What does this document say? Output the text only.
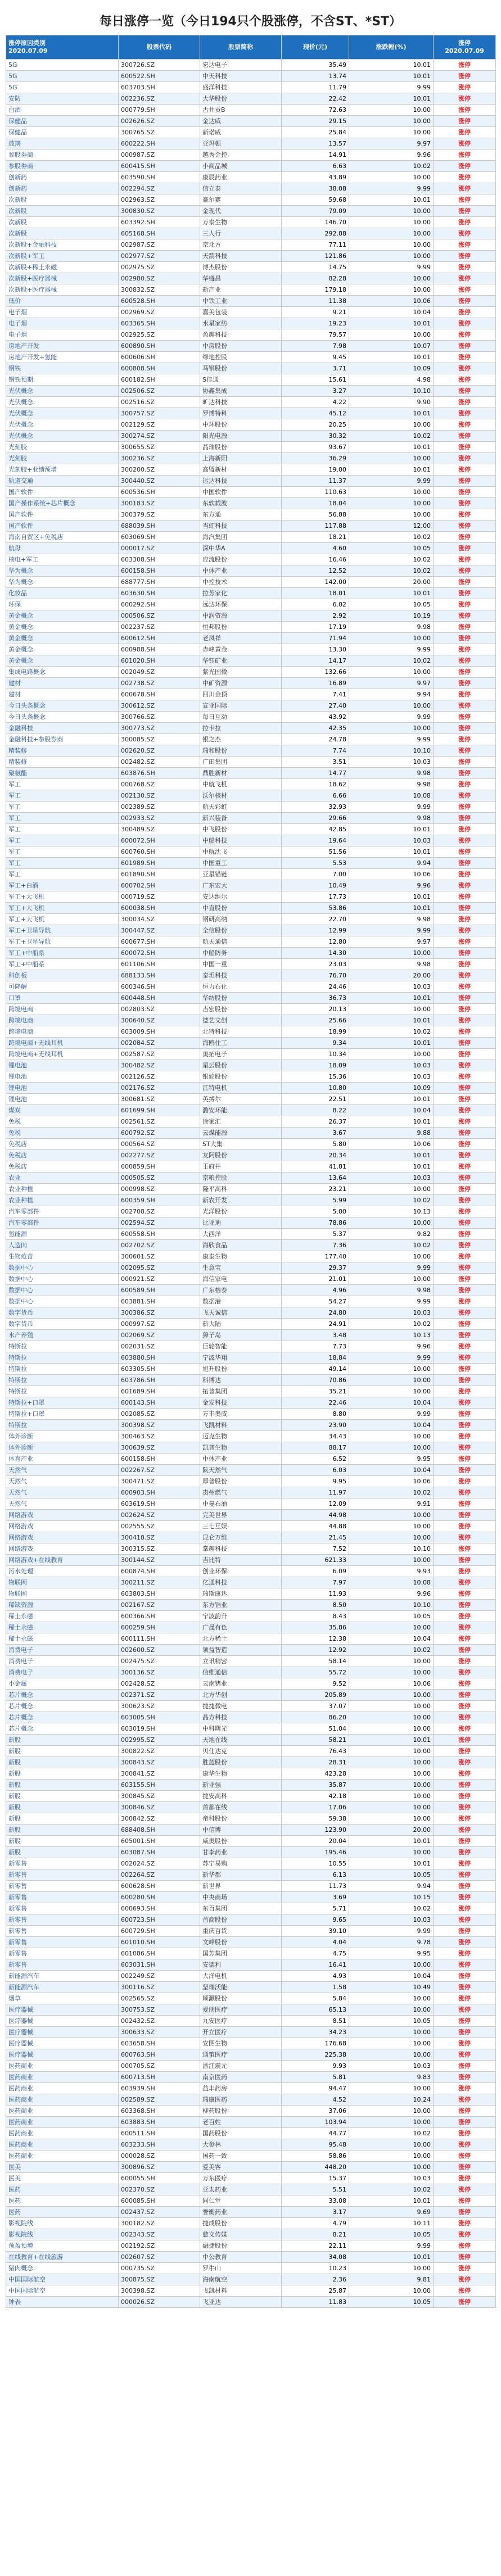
每日涨停一览（今日194只个股涨停，不含ST、*ST）
涨停原因类别
2020.07.09	股票代码	股票简称	现价(元)	涨跌幅(%)	涨停
2020.07.09
5G	300726.SZ	宏达电子	35.49	10.01	涨停
5G	600522.SH	中天科技	13.74	10.01	涨停
5G	603703.SH	盛洋科技	11.79	9.99	涨停
安防	002236.SZ	大华股份	22.42	10.01	涨停
白酒	000779.SH	古井贡B	72.63	10.00	涨停
保健品	002626.SZ	金达威	29.15	10.00	涨停
保健品	300765.SZ	新诺威	25.84	10.00	涨停
玻璃	600222.SH	亚玛顿	13.57	9.97	涨停
参股券商	000987.SZ	越秀金控	14.91	9.96	涨停
参股券商	600415.SH	小商品城	6.63	10.02	涨停
创新药	603590.SH	康辰药业	43.89	10.00	涨停
创新药	002294.SZ	信立泰	38.08	9.99	涨停
次新股	002963.SZ	豪尔赛	59.68	10.01	涨停
次新股	300830.SZ	金现代	79.09	10.00	涨停
次新股	603392.SH	万泰生物	146.70	10.00	涨停
次新股	605168.SH	三人行	292.88	10.00	涨停
次新股+金融科技	002987.SZ	京北方	77.11	10.00	涨停
次新股+军工	002977.SZ	天箭科技	121.86	10.00	涨停
次新股+稀土永磁	002975.SZ	博杰股份	14.75	9.99	涨停
次新股+医疗器械	002980.SZ	华盛昌	82.28	10.00	涨停
次新股+医疗器械	300832.SZ	新产业	179.18	10.00	涨停
低价	600528.SH	中铁工业	11.38	10.06	涨停
电子烟	002969.SZ	嘉美包装	9.21	10.04	涨停
电子烟	603365.SH	水星家纺	19.23	10.01	涨停
电子烟	002925.SZ	盈趣科技	79.57	10.00	涨停
房地产开发	600890.SH	中房股份	7.98	10.07	涨停
房地产开发+氢能	600606.SH	绿地控股	9.45	10.01	涨停
钢铁	600808.SH	马钢股份	3.71	10.09	涨停
钢铁预期	600182.SH	S佳通	15.61	4.98	涨停
光伏概念	002506.SZ	协鑫集成	3.27	10.10	涨停
光伏概念	002516.SZ	旷达科技	4.22	9.90	涨停
光伏概念	300757.SZ	罗博特科	45.12	10.01	涨停
光伏概念	002129.SZ	中环股份	20.25	10.00	涨停
光伏概念	300274.SZ	阳光电源	30.32	10.02	涨停
光刻胶	300655.SZ	晶瑞股份	93.67	10.01	涨停
光刻胶	300236.SZ	上海新阳	36.29	10.00	涨停
光刻胶+业绩预增	300200.SZ	高盟新材	19.00	10.01	涨停
轨道交通	300440.SZ	运达科技	11.37	9.99	涨停
国产软件	600536.SH	中国软件	110.63	10.00	涨停
国产操作系统+芯片概念	300183.SZ	东软载波	18.04	10.00	涨停
国产软件	300379.SZ	东方通	56.88	10.00	涨停
国产软件	688039.SH	当虹科技	117.88	12.00	涨停
海南自贸区+免税店	603069.SH	海汽集团	18.21	10.02	涨停
航母	000017.SZ	深中华A	4.60	10.05	涨停
核电+军工	603308.SH	应流股份	16.46	10.02	涨停
华为概念	600158.SH	中体产业	12.52	10.02	涨停
华为概念	688777.SH	中控技术	142.00	20.00	涨停
化妆品	603630.SH	拉芳家化	18.01	10.01	涨停
环保	600292.SH	远达环保	6.02	10.05	涨停
黄金概念	000506.SZ	中润资源	2.92	10.19	涨停
黄金概念	002237.SZ	恒邦股份	17.19	9.98	涨停
黄金概念	600612.SH	老凤祥	71.94	10.00	涨停
黄金概念	600988.SH	赤峰黄金	13.30	9.99	涨停
黄金概念	601020.SH	华钰矿业	14.17	10.02	涨停
集成电路概念	002049.SZ	紫光国微	132.66	10.00	涨停
建材	002738.SZ	中矿资源	16.89	9.97	涨停
建材	600678.SH	四川金顶	7.41	9.94	涨停
今日头条概念	300612.SZ	宣亚国际	27.40	10.00	涨停
今日头条概念	300766.SZ	每日互动	43.92	9.99	涨停
金融科技	300773.SZ	拉卡拉	42.35	10.00	涨停
金融科技+参股券商	300085.SZ	银之杰	24.78	9.99	涨停
精装修	002620.SZ	瑞和股份	7.74	10.10	涨停
精装修	002482.SZ	广田集团	3.51	10.03	涨停
聚氨酯	603876.SH	鼎胜新材	14.77	9.98	涨停
军工	000768.SZ	中航飞机	18.62	9.98	涨停
军工	002130.SZ	沃尔核材	6.66	10.08	涨停
军工	002389.SZ	航天彩虹	32.93	9.99	涨停
军工	002933.SZ	新兴装备	29.66	9.98	涨停
军工	300489.SZ	中飞股份	42.85	10.01	涨停
军工	600072.SH	中船科技	19.64	10.03	涨停
军工	600760.SH	中航沈飞	51.56	10.01	涨停
军工	601989.SH	中国重工	5.53	9.94	涨停
军工	601890.SH	亚星锚链	7.00	10.06	涨停
军工+白酒	600702.SH	广东宏大	10.49	9.96	涨停
军工+大飞机	000719.SZ	安达维尔	17.73	10.01	涨停
军工+大飞机	600038.SH	中直股份	53.86	10.01	涨停
军工+大飞机	300034.SZ	钢研高纳	22.70	9.98	涨停
军工+卫星导航	300447.SZ	全信股份	12.99	9.99	涨停
军工+卫星导航	600677.SH	航天通信	12.80	9.97	涨停
军工+中船系	600072.SH	中船防务	14.30	10.00	涨停
军工+中船系	601106.SH	中国一重	23.03	9.98	涨停
科创板	688133.SH	泰坦科技	76.70	20.00	涨停
可降解	600346.SH	恒力石化	24.46	10.03	涨停
口罩	600448.SH	华纺股份	36.73	10.01	涨停
跨境电商	002803.SZ	吉宏股份	20.13	10.00	涨停
跨境电商	300640.SZ	德艺文创	25.66	10.01	涨停
跨境电商	603009.SH	北特科技	18.99	10.02	涨停
跨境电商+无线耳机	002084.SZ	海鸥住工	9.34	10.01	涨停
跨境电商+无线耳机	002587.SZ	奥拓电子	10.34	10.00	涨停
锂电池	300482.SZ	星云股份	18.09	10.03	涨停
锂电池	002126.SZ	银轮股份	15.36	10.03	涨停
锂电池	002176.SZ	江特电机	10.80	10.09	涨停
锂电池	300681.SZ	英搏尔	22.51	10.01	涨停
煤炭	601699.SH	潞安环能	8.22	10.04	涨停
免税	002561.SZ	徐家汇	26.37	10.01	涨停
免税	600792.SZ	云煤能源	3.67	9.88	涨停
免税店	000564.SZ	ST大集	5.80	10.06	涨停
免税店	002277.SZ	友阿股份	20.34	10.01	涨停
免税店	600859.SH	王府井	41.81	10.01	涨停
农业	000505.SZ	京粮控股	13.64	10.03	涨停
农业种植	000998.SZ	隆平高科	23.21	10.00	涨停
农业种植	600359.SH	新农开发	5.99	10.02	涨停
汽车零部件	002708.SZ	光洋股份	5.00	10.13	涨停
汽车零部件	002594.SZ	比亚迪	78.86	10.00	涨停
氢能源	600558.SH	大西洋	5.37	9.82	涨停
人造肉	002702.SZ	海欣食品	7.36	10.02	涨停
生物疫苗	300601.SZ	康泰生物	177.40	10.00	涨停
数据中心	002095.SZ	生意宝	29.37	9.99	涨停
数据中心	000921.SZ	海信家电	21.01	10.00	涨停
数据中心	600589.SH	广东榕泰	4.96	9.98	涨停
数据中心	603881.SH	数据港	54.27	9.99	涨停
数字货币	300386.SZ	飞天诚信	24.80	10.03	涨停
数字货币	000997.SZ	新大陆	24.91	10.02	涨停
水产养殖	002069.SZ	獐子岛	3.48	10.13	涨停
特斯拉	002031.SZ	巨轮智能	7.73	9.96	涨停
特斯拉	603880.SH	宁波华翔	18.84	9.99	涨停
特斯拉	603305.SH	旭升股份	49.14	10.00	涨停
特斯拉	603786.SH	科博达	70.86	10.00	涨停
特斯拉	601689.SH	拓普集团	35.21	10.00	涨停
特斯拉+口罩	600143.SH	金发科技	22.46	10.04	涨停
特斯拉+口罩	002085.SZ	万丰奥威	8.80	9.99	涨停
特斯拉	300398.SZ	飞凯材料	23.90	10.04	涨停
体外诊断	300463.SZ	迈克生物	34.43	10.00	涨停
体外诊断	300639.SZ	凯普生物	88.17	10.00	涨停
体育产业	600158.SH	中体产业	6.52	9.95	涨停
天然气	002267.SZ	陕天然气	6.03	10.04	涨停
天然气	300471.SZ	厚普股份	9.95	10.06	涨停
天然气	600903.SH	贵州燃气	11.97	10.02	涨停
天然气	603619.SH	中曼石油	12.09	9.91	涨停
网络游戏	002624.SZ	完美世界	44.98	10.00	涨停
网络游戏	002555.SZ	三七互娱	44.88	10.00	涨停
网络游戏	300418.SZ	昆仑万维	21.45	10.00	涨停
网络游戏	300315.SZ	掌趣科技	7.52	10.10	涨停
网络游戏+在线教育	300144.SZ	吉比特	621.33	10.00	涨停
污水处理	600874.SH	创业环保	6.09	9.93	涨停
物联网	300211.SZ	亿通科技	7.97	10.08	涨停
物联网	603803.SH	瑞斯康达	11.93	9.96	涨停
稀缺资源	002167.SZ	东方锆业	8.50	10.10	涨停
稀土永磁	600366.SH	宁波韵升	8.43	10.05	涨停
稀土永磁	600259.SH	广晟有色	35.86	10.00	涨停
稀土永磁	600111.SH	北方稀土	12.38	10.04	涨停
消费电子	002600.SZ	领益智造	12.92	10.02	涨停
消费电子	002475.SZ	立讯精密	58.14	10.00	涨停
消费电子	300136.SZ	信维通信	55.72	10.00	涨停
小金属	002428.SZ	云南锗业	9.52	10.06	涨停
芯片概念	002371.SZ	北方华创	205.89	10.00	涨停
芯片概念	300623.SZ	捷捷微电	37.07	10.00	涨停
芯片概念	603005.SH	晶方科技	86.20	10.00	涨停
芯片概念	603019.SH	中科曙光	51.04	10.00	涨停
新股	002995.SZ	天地在线	58.21	10.01	涨停
新股	300822.SZ	贝仕达克	76.43	10.00	涨停
新股	300843.SZ	胜蓝股份	28.31	10.00	涨停
新股	300841.SZ	康华生物	423.28	10.00	涨停
新股	603155.SH	新亚强	35.87	10.00	涨停
新股	300845.SZ	捷安高科	42.18	10.00	涨停
新股	300846.SZ	首都在线	17.06	10.00	涨停
新股	300842.SZ	帝科股份	59.38	10.00	涨停
新股	688408.SH	中信博	123.90	20.00	涨停
新股	605001.SH	威奥股份	20.04	10.01	涨停
新股	603087.SH	甘李药业	195.46	10.00	涨停
新零售	002024.SZ	苏宁易购	10.55	10.01	涨停
新零售	002264.SZ	新华都	6.13	10.05	涨停
新零售	600628.SH	新世界	11.73	9.94	涨停
新零售	600280.SH	中央商场	3.69	10.15	涨停
新零售	600693.SH	东百集团	5.71	10.02	涨停
新零售	600723.SH	首商股份	9.65	10.03	涨停
新零售	600729.SH	重庆百货	39.10	9.99	涨停
新零售	601010.SH	文峰股份	4.04	9.78	涨停
新零售	601086.SH	国芳集团	4.75	9.95	涨停
新零售	603031.SH	安德利	16.41	10.00	涨停
新能源汽车	002249.SZ	大洋电机	4.93	10.04	涨停
新能源汽车	300116.SZ	坚瑞沃能	1.58	10.49	涨停
烟草	002565.SZ	顺灏股份	5.84	10.00	涨停
医疗器械	300753.SZ	爱朋医疗	65.13	10.00	涨停
医疗器械	002432.SZ	九安医疗	8.51	10.05	涨停
医疗器械	300633.SZ	开立医疗	34.23	10.00	涨停
医疗器械	603658.SH	安图生物	176.68	10.00	涨停
医疗器械	600763.SH	通策医疗	225.38	10.00	涨停
医药商业	000705.SZ	浙江震元	9.93	10.03	涨停
医药商业	600713.SH	南京医药	5.81	9.83	涨停
医药商业	603939.SH	益丰药房	94.47	10.00	涨停
医药商业	002589.SZ	瑞康医药	4.52	10.24	涨停
医药商业	603368.SH	柳药股份	37.06	10.00	涨停
医药商业	603883.SH	老百姓	103.94	10.00	涨停
医药商业	600511.SH	国药股份	44.77	10.02	涨停
医药商业	603233.SH	大参林	95.48	10.00	涨停
医药商业	000028.SZ	国药一致	58.86	10.00	涨停
医美	300896.SZ	爱美客	448.20	10.00	涨停
医美	600055.SH	万东医疗	15.37	10.03	涨停
医药	002370.SZ	亚太药业	5.51	10.02	涨停
医药	600085.SH	同仁堂	33.08	10.01	涨停
医药	002437.SZ	誉衡药业	3.17	9.69	涨停
影视院线	300182.SZ	捷成股份	4.79	10.11	涨停
影视院线	002343.SZ	慈文传媒	8.21	10.05	涨停
预盈预增	002192.SZ	融捷股份	22.11	9.99	涨停
在线教育+在线旅游	002607.SZ	中公教育	34.08	10.01	涨停
猪肉概念	000735.SZ	罗牛山	10.23	10.00	涨停
中国国际航空	300875.SZ	海南航空	2.36	9.81	涨停
中国国际航空	300398.SZ	飞凯材料	25.87	10.00	涨停
钟表	000026.SZ	飞亚达	11.83	10.05	涨停
